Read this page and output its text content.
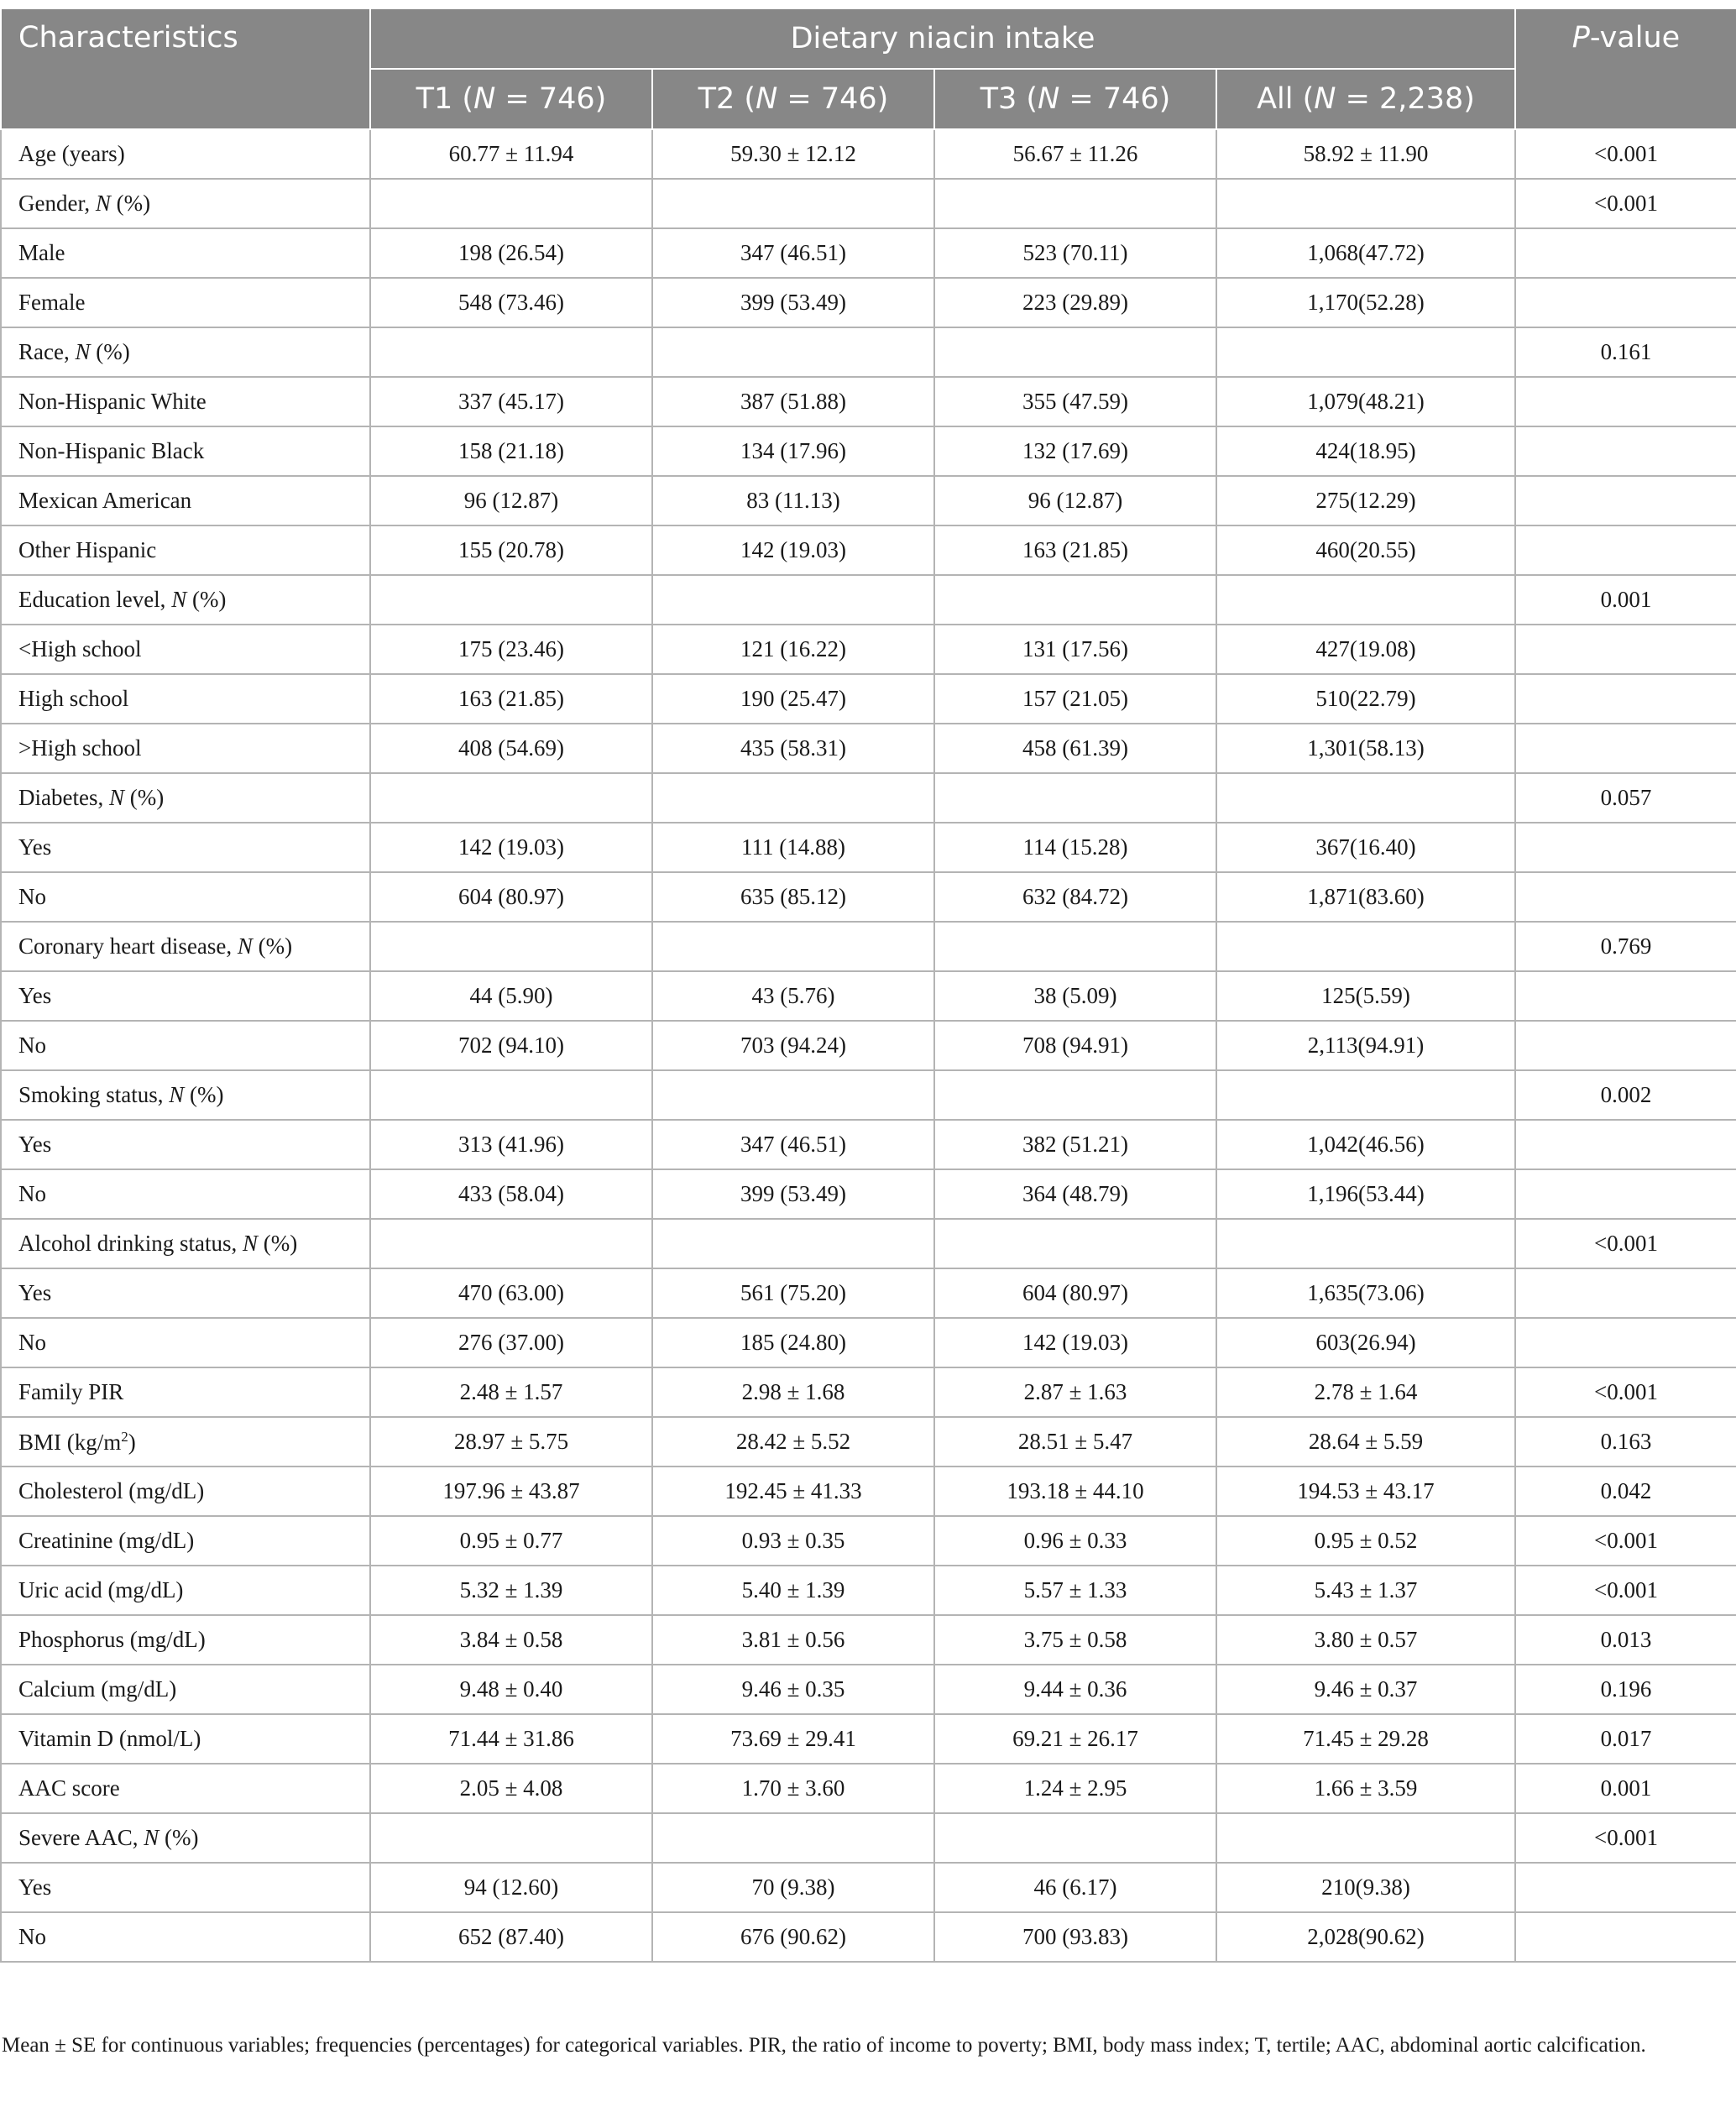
Characteristics	Dietary niacin intake				P-value
	T1 (N = 746)	T2 (N = 746)	T3 (N = 746)	All (N = 2,238)	
Age (years)	60.77 ± 11.94	59.30 ± 12.12	56.67 ± 11.26	58.92 ± 11.90	<0.001
Gender, N (%)					<0.001
Male	198 (26.54)	347 (46.51)	523 (70.11)	1,068(47.72)	
Female	548 (73.46)	399 (53.49)	223 (29.89)	1,170(52.28)	
Race, N (%)					0.161
Non-Hispanic White	337 (45.17)	387 (51.88)	355 (47.59)	1,079(48.21)	
Non-Hispanic Black	158 (21.18)	134 (17.96)	132 (17.69)	424(18.95)	
Mexican American	96 (12.87)	83 (11.13)	96 (12.87)	275(12.29)	
Other Hispanic	155 (20.78)	142 (19.03)	163 (21.85)	460(20.55)	
Education level, N (%)					0.001
<High school	175 (23.46)	121 (16.22)	131 (17.56)	427(19.08)	
High school	163 (21.85)	190 (25.47)	157 (21.05)	510(22.79)	
>High school	408 (54.69)	435 (58.31)	458 (61.39)	1,301(58.13)	
Diabetes, N (%)					0.057
Yes	142 (19.03)	111 (14.88)	114 (15.28)	367(16.40)	
No	604 (80.97)	635 (85.12)	632 (84.72)	1,871(83.60)	
Coronary heart disease, N (%)					0.769
Yes	44 (5.90)	43 (5.76)	38 (5.09)	125(5.59)	
No	702 (94.10)	703 (94.24)	708 (94.91)	2,113(94.91)	
Smoking status, N (%)					0.002
Yes	313 (41.96)	347 (46.51)	382 (51.21)	1,042(46.56)	
No	433 (58.04)	399 (53.49)	364 (48.79)	1,196(53.44)	
Alcohol drinking status, N (%)					<0.001
Yes	470 (63.00)	561 (75.20)	604 (80.97)	1,635(73.06)	
No	276 (37.00)	185 (24.80)	142 (19.03)	603(26.94)	
Family PIR	2.48 ± 1.57	2.98 ± 1.68	2.87 ± 1.63	2.78 ± 1.64	<0.001
BMI $(kg/m^2)$	28.97 ± 5.75	28.42 ± 5.52	28.51 ± 5.47	28.64 ± 5.59	0.163
Cholesterol (mg/dL)	197.96 ± 43.87	192.45 ± 41.33	193.18 ± 44.10	194.53 ± 43.17	0.042
Creatinine (mg/dL)	0.95 ± 0.77	0.93 ± 0.35	0.96 ± 0.33	0.95 ± 0.52	<0.001
Uric acid (mg/dL)	5.32 ± 1.39	5.40 ± 1.39	5.57 ± 1.33	5.43 ± 1.37	<0.001
Phosphorus (mg/dL)	3.84 ± 0.58	3.81 ± 0.56	3.75 ± 0.58	3.80 ± 0.57	0.013
Calcium (mg/dL)	9.48 ± 0.40	9.46 ± 0.35	9.44 ± 0.36	9.46 ± 0.37	0.196
Vitamin D (nmol/L)	71.44 ± 31.86	73.69 ± 29.41	69.21 ± 26.17	71.45 ± 29.28	0.017
AAC score	2.05 ± 4.08	1.70 ± 3.60	1.24 ± 2.95	1.66 ± 3.59	0.001
Severe AAC, N (%)					<0.001
Yes	94 (12.60)	70 (9.38)	46 (6.17)	210(9.38)	
No	652 (87.40)	676 (90.62)	700 (93.83)	2,028(90.62)	
Mean ± SE for continuous variables; frequencies (percentages) for categorical variables. PIR, the ratio of income to poverty; BMI, body mass index; T, tertile; AAC, abdominal aortic calcification.
